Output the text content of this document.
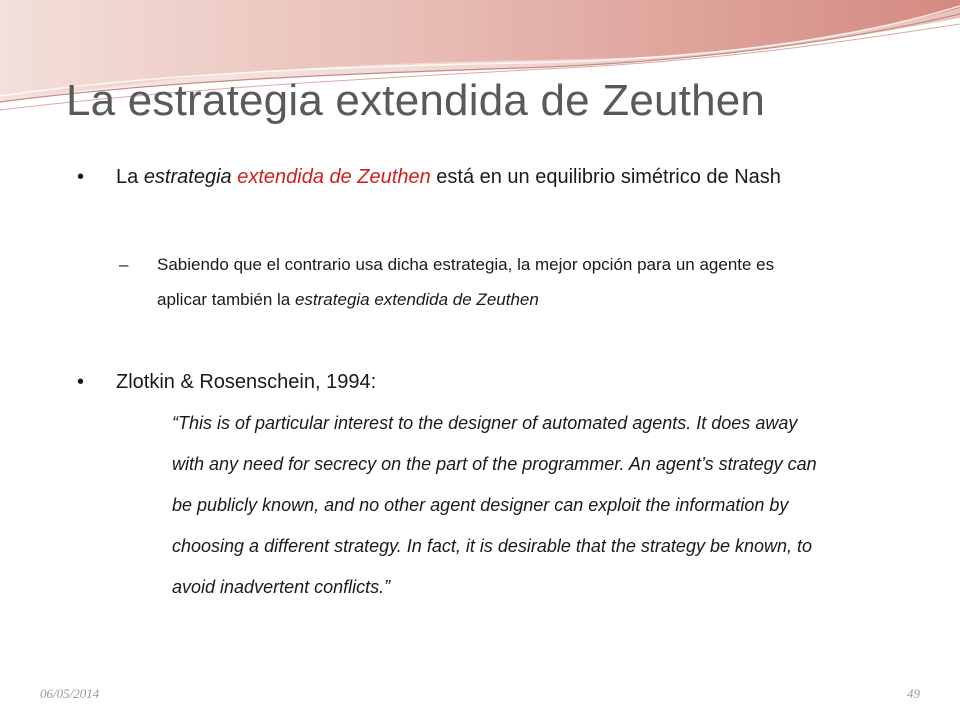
La estrategia extendida de Zeuthen
•	La estrategia extendida de Zeuthen está en un equilibrio simétrico de Nash
–	Sabiendo que el contrario usa dicha estrategia, la mejor opción para un agente es aplicar también la estrategia extendida de Zeuthen
•	Zlotkin & Rosenschein, 1994:
“This is of particular interest to the designer of automated agents. It does away with any need for secrecy on the part of the programmer. An agent’s strategy can be publicly known, and no other agent designer can exploit the information by choosing a different strategy. In fact, it is desirable that the strategy be known, to avoid inadvertent conflicts.”
06/05/2014	49
